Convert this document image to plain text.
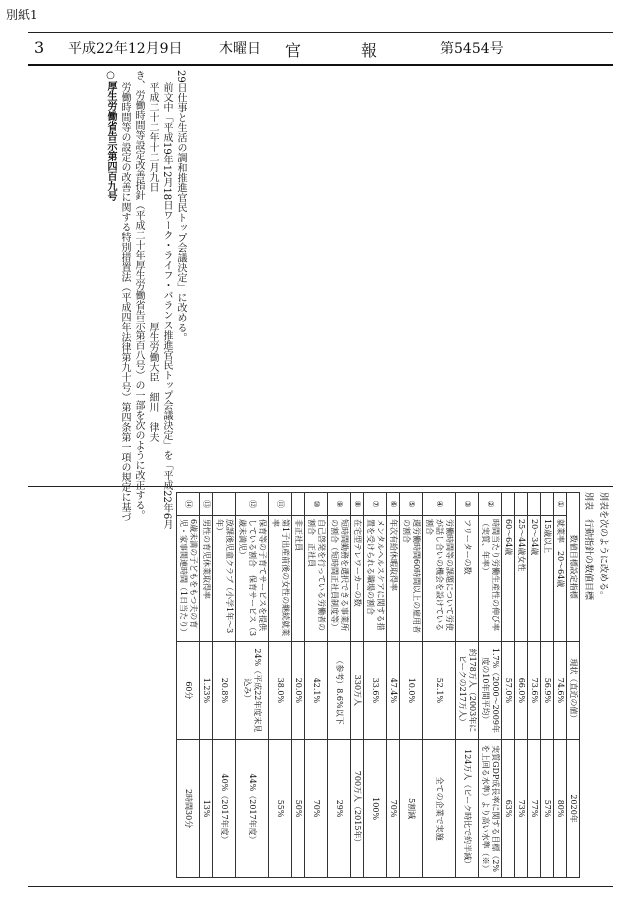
別紙1
3 平成22年12月9日	木曜日 官　報	第5454号
○厚生労働省告示第四百九号 労働時間等の設定の改善に関する特別措置法（平成四年法律第九十号）第四条第一項の規定に基づ き、労働時間等設定改善指針（平成二十年厚生労働省告示第百八号）の一部を次のように改正する。 平成二十二年十二月九日　　　　　　　　　　　　　厚生労働大臣　細川　律夫 前文中「平成19年12月18日ワーク・ライフ・バランス推進官民トップ会議決定」を「平成22年6月 29日仕事と生活の調和推進官民トップ会議決定」に改める。
別表を次のように改める。
別表　行動指針の数値目標
数値目標設定指標		現状（直近の値）	2020年
①	就業率　20～64歳	74.6%	80%
	15歳以上	56.9%	57%
	20～34歳	73.6%	77%
	25～44歳女性	66.0%	73%
	60～64歳	57.0%	63%
②	時間当たり労働生産性の伸び率（実質、年率）	1.7%（2000～2009年度の10年間平均）	実質GDP成長率に関する目標（2%を上回る水準）より高い水準（※）
③	フリーターの数	約178万人（2003年にピークの217万人）	124万人（ピーク時比で約半減）
④	労働時間等の課題について労使が話し合いの機会を設けている割合	52.1%	全ての企業で実施
⑤	週労働時間60時間以上の雇用者の割合	10.0%	5割減
⑥	年次有給休暇取得率	47.4%	70%
⑦	メンタルヘルスケアに関する措置を受けられる職場の割合	33.6%	100%
⑧	在宅型テレワーカーの数	330万人	700万人（2015年）
⑨	短時間勤務を選択できる事業所の割合（短時間正社員制度等）	（参考）8.6%以下	29%
⑩	自己啓発を行っている労働者の割合　正社員	42.1%	70%
	非正社員	20.0%	50%
⑪	第1子出産前後の女性の継続就業率	38.0%	55%
⑫	保育等の子育てサービスを提供している割合　保育サービス（3歳未満児）	24%（平成22年度末見込み）	44%（2017年度）
	放課後児童クラブ（小学1年～3年）	20.8%	40%（2017年度）
⑬	男性の育児休業取得率	1.23%	13%
⑭	6歳未満の子どもをもつ夫の育児・家事関連時間（1日当たり）	60分	2時間30分
